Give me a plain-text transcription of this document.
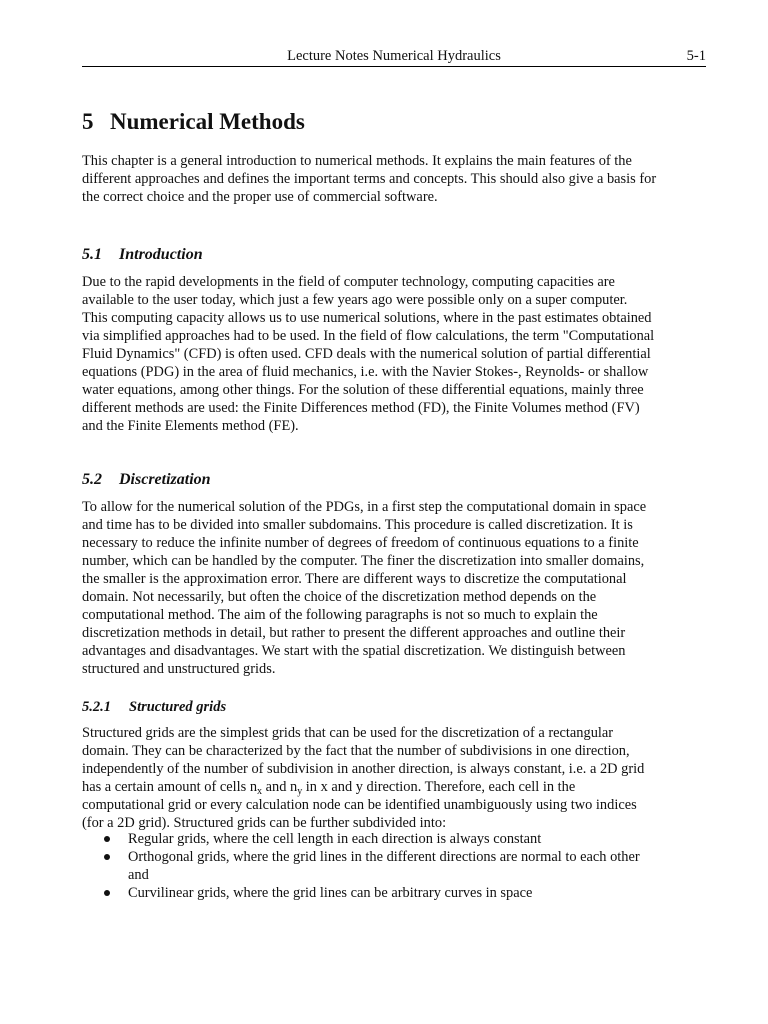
Lecture Notes Numerical Hydraulics	5-1
5 Numerical Methods

This chapter is a general introduction to numerical methods. It explains the main features of the
different approaches and defines the important terms and concepts. This should also give a basis for
the correct choice and the proper use of commercial software.

5.1 Introduction

Due to the rapid developments in the field of computer technology, computing capacities are
available to the user today, which just a few years ago were possible only on a super computer.
This computing capacity allows us to use numerical solutions, where in the past estimates obtained
via simplified approaches had to be used. In the field of flow calculations, the term "Computational
Fluid Dynamics" (CFD) is often used. CFD deals with the numerical solution of partial differential
equations (PDG) in the area of fluid mechanics, i.e. with the Navier Stokes-, Reynolds- or shallow
water equations, among other things. For the solution of these differential equations, mainly three
different methods are used: the Finite Differences method (FD), the Finite Volumes method (FV)
and the Finite Elements method (FE).

5.2 Discretization

To allow for the numerical solution of the PDGs, in a first step the computational domain in space
and time has to be divided into smaller subdomains. This procedure is called discretization. It is
necessary to reduce the infinite number of degrees of freedom of continuous equations to a finite
number, which can be handled by the computer. The finer the discretization into smaller domains,
the smaller is the approximation error. There are different ways to discretize the computational
domain. Not necessarily, but often the choice of the discretization method depends on the
computational method. The aim of the following paragraphs is not so much to explain the
discretization methods in detail, but rather to present the different approaches and outline their
advantages and disadvantages. We start with the spatial discretization. We distinguish between
structured and unstructured grids.

5.2.1 Structured grids

Structured grids are the simplest grids that can be used for the discretization of a rectangular
domain. They can be characterized by the fact that the number of subdivisions in one direction,
independently of the number of subdivision in another direction, is always constant, i.e. a 2D grid
has a certain amount of cells $n_x$ and $n_y$ in x and y direction. Therefore, each cell in the
computational grid or every calculation node can be identified unambiguously using two indices
(for a 2D grid). Structured grids can be further subdivided into:

Regular grids, where the cell length in each direction is always constant
Orthogonal grids, where the grid lines in the different directions are normal to each other
and
Curvilinear grids, where the grid lines can be arbitrary curves in space
